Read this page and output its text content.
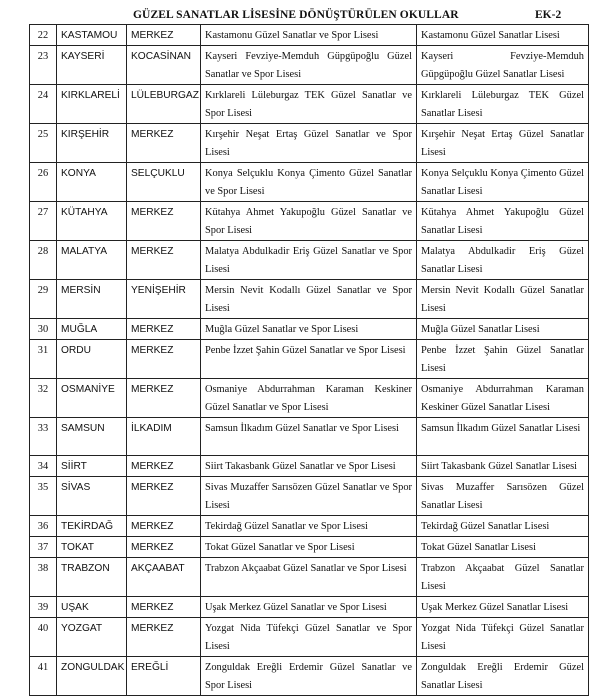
GÜZEL SANATLAR LİSESİNE DÖNÜŞTÜRÜLEN OKULLAR	EK-2
22	KASTAMOU	MERKEZ	Kastamonu Güzel Sanatlar ve Spor Lisesi	Kastamonu Güzel Sanatlar Lisesi
23	KAYSERİ	KOCASİNAN	Kayseri Fevziye-Memduh Güpgüpoğlu Güzel Sanatlar ve Spor Lisesi	Kayseri Fevziye-Memduh Güpgüpoğlu Güzel Sanatlar Lisesi
24	KIRKLARELİ	LÜLEBURGAZ	Kırklareli Lüleburgaz TEK Güzel Sanatlar ve Spor Lisesi	Kırklareli Lüleburgaz TEK Güzel Sanatlar Lisesi
25	KIRŞEHİR	MERKEZ	Kırşehir Neşat Ertaş Güzel Sanatlar ve Spor Lisesi	Kırşehir Neşat Ertaş Güzel Sanatlar Lisesi
26	KONYA	SELÇUKLU	Konya Selçuklu Konya Çimento Güzel Sanatlar ve Spor Lisesi	Konya Selçuklu Konya Çimento Güzel Sanatlar Lisesi
27	KÜTAHYA	MERKEZ	Kütahya Ahmet Yakupoğlu Güzel Sanatlar ve Spor Lisesi	Kütahya Ahmet Yakupoğlu Güzel Sanatlar Lisesi
28	MALATYA	MERKEZ	Malatya Abdulkadir Eriş Güzel Sanatlar ve Spor Lisesi	Malatya Abdulkadir Eriş Güzel Sanatlar Lisesi
29	MERSİN	YENİŞEHİR	Mersin Nevit Kodallı Güzel Sanatlar ve Spor Lisesi	Mersin Nevit Kodallı Güzel Sanatlar Lisesi
30	MUĞLA	MERKEZ	Muğla Güzel Sanatlar ve Spor Lisesi	Muğla Güzel Sanatlar Lisesi
31	ORDU	MERKEZ	Penbe İzzet Şahin Güzel Sanatlar ve Spor Lisesi	Penbe İzzet Şahin Güzel Sanatlar Lisesi
32	OSMANİYE	MERKEZ	Osmaniye Abdurrahman Karaman Keskiner Güzel Sanatlar ve Spor Lisesi	Osmaniye Abdurrahman Karaman Keskiner Güzel Sanatlar Lisesi
33	SAMSUN	İLKADIM	Samsun İlkadım Güzel Sanatlar ve Spor Lisesi	Samsun İlkadım Güzel Sanatlar Lisesi
34	SİİRT	MERKEZ	Siirt Takasbank Güzel Sanatlar ve Spor Lisesi	Siirt Takasbank Güzel Sanatlar Lisesi
35	SİVAS	MERKEZ	Sivas Muzaffer Sarısözen Güzel Sanatlar ve Spor Lisesi	Sivas Muzaffer Sarısözen Güzel Sanatlar Lisesi
36	TEKİRDAĞ	MERKEZ	Tekirdağ Güzel Sanatlar ve Spor Lisesi	Tekirdağ Güzel Sanatlar Lisesi
37	TOKAT	MERKEZ	Tokat Güzel Sanatlar ve Spor Lisesi	Tokat Güzel Sanatlar Lisesi
38	TRABZON	AKÇAABAT	Trabzon Akçaabat Güzel Sanatlar ve Spor Lisesi	Trabzon Akçaabat Güzel Sanatlar Lisesi
39	UŞAK	MERKEZ	Uşak Merkez Güzel Sanatlar ve Spor Lisesi	Uşak Merkez Güzel Sanatlar Lisesi
40	YOZGAT	MERKEZ	Yozgat Nida Tüfekçi Güzel Sanatlar ve Spor Lisesi	Yozgat Nida Tüfekçi Güzel Sanatlar Lisesi
41	ZONGULDAK	EREĞLİ	Zonguldak Ereğli Erdemir Güzel Sanatlar ve Spor Lisesi	Zonguldak Ereğli Erdemir Güzel Sanatlar Lisesi
